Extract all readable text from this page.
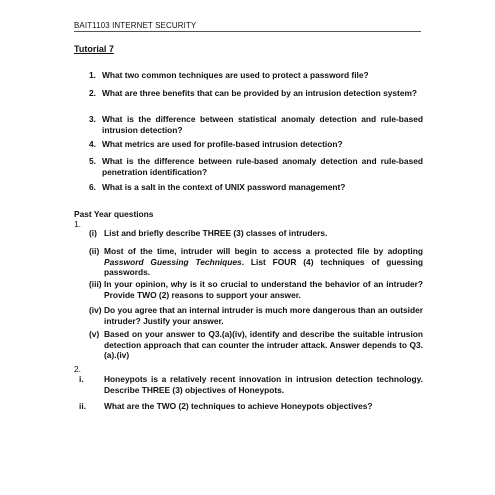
BAIT1103 INTERNET SECURITY
Tutorial 7
1. What two common techniques are used to protect a password file?
2. What are three benefits that can be provided by an intrusion detection system?
3. What is the difference between statistical anomaly detection and rule-based intrusion detection?
4. What metrics are used for profile-based intrusion detection?
5. What is the difference between rule-based anomaly detection and rule-based penetration identification?
6. What is a salt in the context of UNIX password management?
Past Year questions
1.
(i) List and briefly describe THREE (3) classes of intruders.
(ii) Most of the time, intruder will begin to access a protected file by adopting Password Guessing Techniques. List FOUR (4) techniques of guessing passwords.
(iii) In your opinion, why is it so crucial to understand the behavior of an intruder? Provide TWO (2) reasons to support your answer.
(iv) Do you agree that an internal intruder is much more dangerous than an outsider intruder? Justify your answer.
(v) Based on your answer to Q3.(a)(iv), identify and describe the suitable intrusion detection approach that can counter the intruder attack. Answer depends to Q3.(a).(iv)
2.
i. Honeypots is a relatively recent innovation in intrusion detection technology. Describe THREE (3) objectives of Honeypots.
ii. What are the TWO (2) techniques to achieve Honeypots objectives?
